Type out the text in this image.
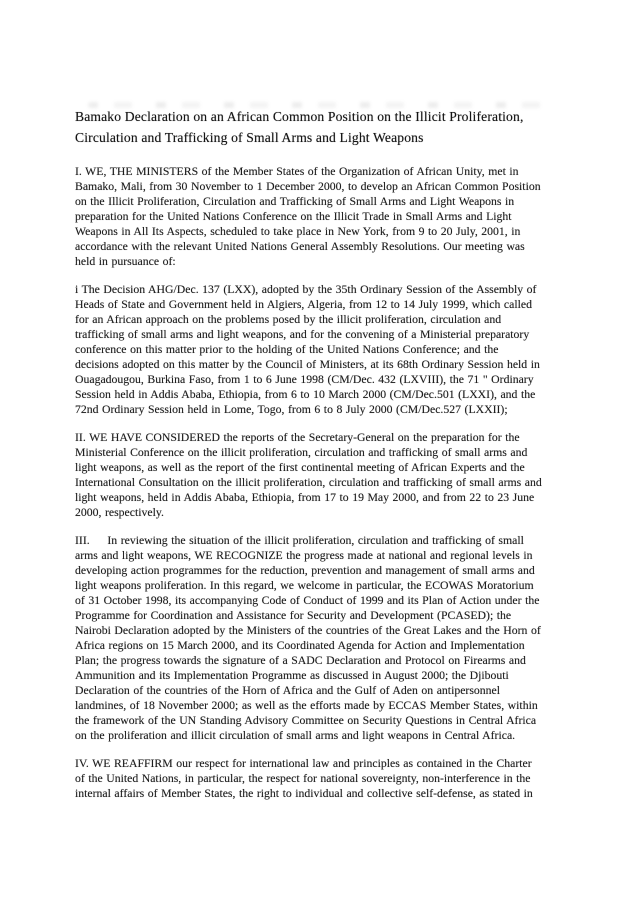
Bamako Declaration on an African Common Position on the Illicit Proliferation,
Circulation and Trafficking of Small Arms and Light Weapons
I. WE, THE MINISTERS of the Member States of the Organization of African Unity, met in
Bamako, Mali, from 30 November to 1 December 2000, to develop an African Common Position
on the Illicit Proliferation, Circulation and Trafficking of Small Arms and Light Weapons in
preparation for the United Nations Conference on the Illicit Trade in Small Arms and Light
Weapons in All Its Aspects, scheduled to take place in New York, from 9 to 20 July, 2001, in
accordance with the relevant United Nations General Assembly Resolutions. Our meeting was
held in pursuance of:
i The Decision AHG/Dec. 137 (LXX), adopted by the 35th Ordinary Session of the Assembly of
Heads of State and Government held in Algiers, Algeria, from 12 to 14 July 1999, which called
for an African approach on the problems posed by the illicit proliferation, circulation and
trafficking of small arms and light weapons, and for the convening of a Ministerial preparatory
conference on this matter prior to the holding of the United Nations Conference; and the
decisions adopted on this matter by the Council of Ministers, at its 68th Ordinary Session held in
Ouagadougou, Burkina Faso, from 1 to 6 June 1998 (CM/Dec. 432 (LXVIII), the 71 " Ordinary
Session held in Addis Ababa, Ethiopia, from 6 to 10 March 2000 (CM/Dec.501 (LXXI), and the
72nd Ordinary Session held in Lome, Togo, from 6 to 8 July 2000 (CM/Dec.527 (LXXII);
II. WE HAVE CONSIDERED the reports of the Secretary-General on the preparation for the
Ministerial Conference on the illicit proliferation, circulation and trafficking of small arms and
light weapons, as well as the report of the first continental meeting of African Experts and the
International Consultation on the illicit proliferation, circulation and trafficking of small arms and
light weapons, held in Addis Ababa, Ethiopia, from 17 to 19 May 2000, and from 22 to 23 June
2000, respectively.
III.     In reviewing the situation of the illicit proliferation, circulation and trafficking of small
arms and light weapons, WE RECOGNIZE the progress made at national and regional levels in
developing action programmes for the reduction, prevention and management of small arms and
light weapons proliferation. In this regard, we welcome in particular, the ECOWAS Moratorium
of 31 October 1998, its accompanying Code of Conduct of 1999 and its Plan of Action under the
Programme for Coordination and Assistance for Security and Development (PCASED); the
Nairobi Declaration adopted by the Ministers of the countries of the Great Lakes and the Horn of
Africa regions on 15 March 2000, and its Coordinated Agenda for Action and Implementation
Plan; the progress towards the signature of a SADC Declaration and Protocol on Firearms and
Ammunition and its Implementation Programme as discussed in August 2000; the Djibouti
Declaration of the countries of the Horn of Africa and the Gulf of Aden on antipersonnel
landmines, of 18 November 2000; as well as the efforts made by ECCAS Member States, within
the framework of the UN Standing Advisory Committee on Security Questions in Central Africa
on the proliferation and illicit circulation of small arms and light weapons in Central Africa.
IV. WE REAFFIRM our respect for international law and principles as contained in the Charter
of the United Nations, in particular, the respect for national sovereignty, non-interference in the
internal affairs of Member States, the right to individual and collective self-defense, as stated in
